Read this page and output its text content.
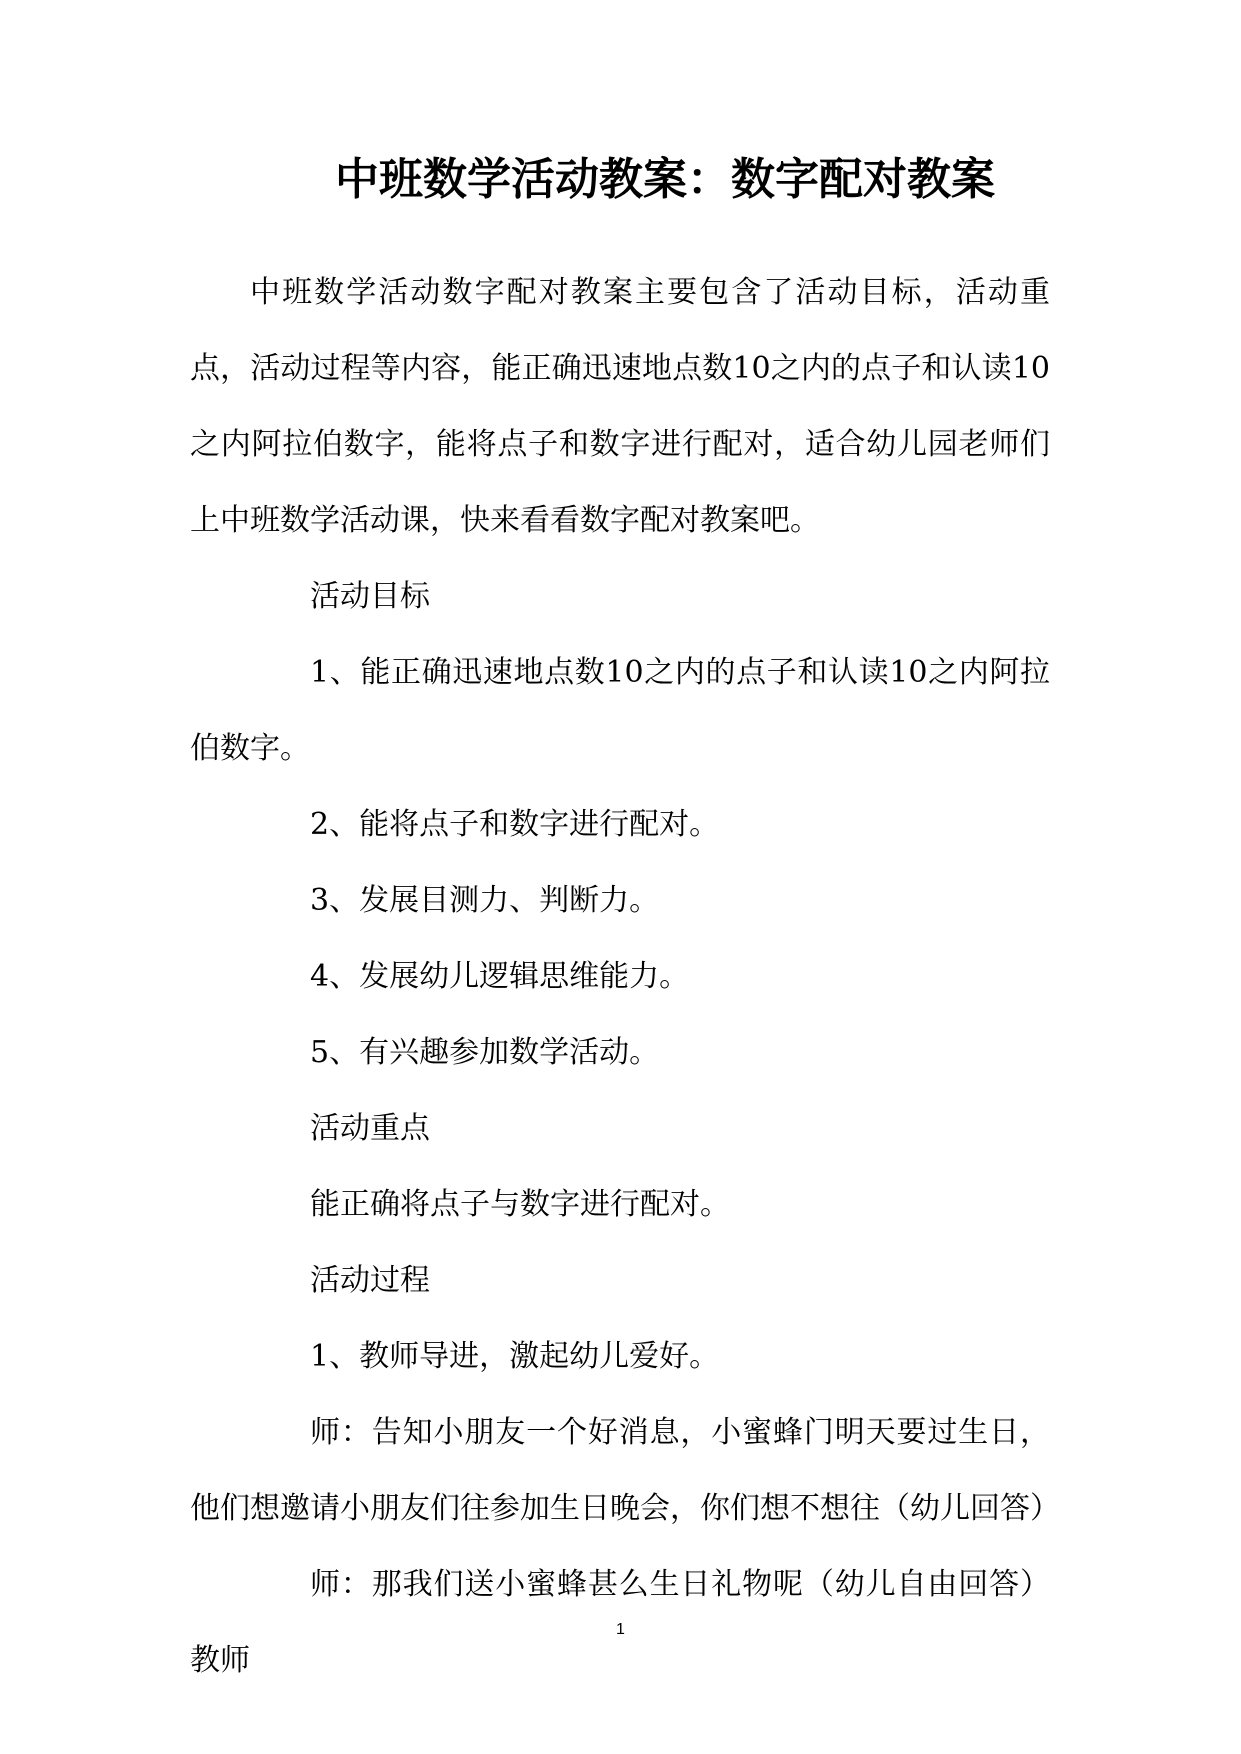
中班数学活动教案：数字配对教案

中班数学活动数字配对教案主要包含了活动目标，活动重点，活动过程等内容，能正确迅速地点数10之内的点子和认读10之内阿拉伯数字，能将点子和数字进行配对，适合幼儿园老师们上中班数学活动课，快来看看数字配对教案吧。

活动目标

1、能正确迅速地点数10之内的点子和认读10之内阿拉伯数字。

2、能将点子和数字进行配对。

3、发展目测力、判断力。

4、发展幼儿逻辑思维能力。

5、有兴趣参加数学活动。

活动重点

能正确将点子与数字进行配对。

活动过程

1、教师导进，激起幼儿爱好。

师：告知小朋友一个好消息，小蜜蜂门明天要过生日，他们想邀请小朋友们往参加生日晚会，你们想不想往（幼儿回答）

师：那我们送小蜜蜂甚么生日礼物呢（幼儿自由回答）教师

1
